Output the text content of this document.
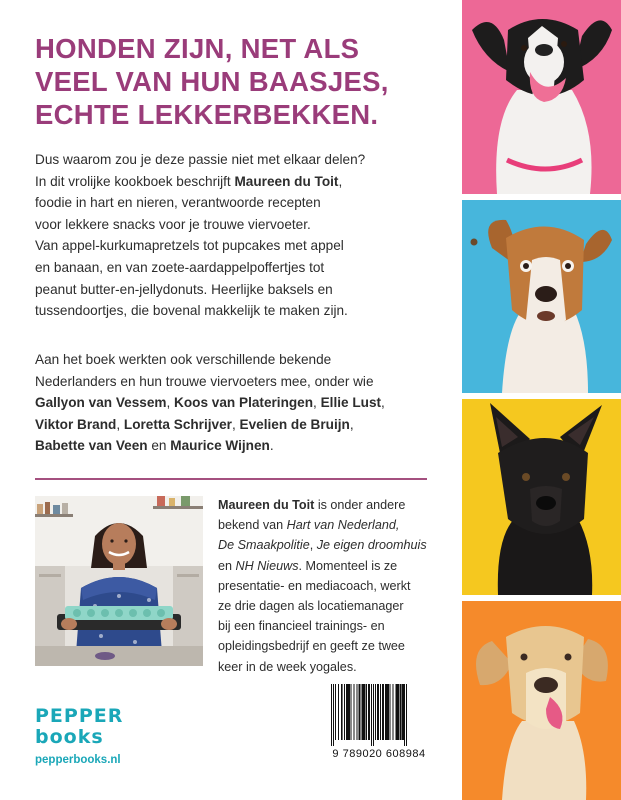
HONDEN ZIJN, NET ALS
VEEL VAN HUN BAASJES,
ECHTE LEKKERBEKKEN.
Dus waarom zou je deze passie niet met elkaar delen?
In dit vrolijke kookboek beschrijft Maureen du Toit,
foodie in hart en nieren, verantwoorde recepten
voor lekkere snacks voor je trouwe viervoeter.
Van appel-kurkumapretzels tot pupcakes met appel
en banaan, en van zoete-aardappelpoffertjes tot
peanut butter-en-jellydonuts. Heerlijke baksels en
tussendoortjes, die bovenal makkelijk te maken zijn.
Aan het boek werkten ook verschillende bekende
Nederlanders en hun trouwe viervoeters mee, onder wie
Gallyon van Vessem, Koos van Plateringen, Ellie Lust,
Viktor Brand, Loretta Schrijver, Evelien de Bruijn,
Babette van Veen en Maurice Wijnen.
Maureen du Toit is onder andere
bekend van Hart van Nederland,
De Smaakpolitie, Je eigen droomhuis
en NH Nieuws. Momenteel is ze
presentatie- en mediacoach, werkt
ze drie dagen als locatiemanager
bij een financieel trainings- en
opleidingsbedrijf en geeft ze twee
keer in de week yogales.
PEPPER
books
pepperbooks.nl	9 789020 608984
